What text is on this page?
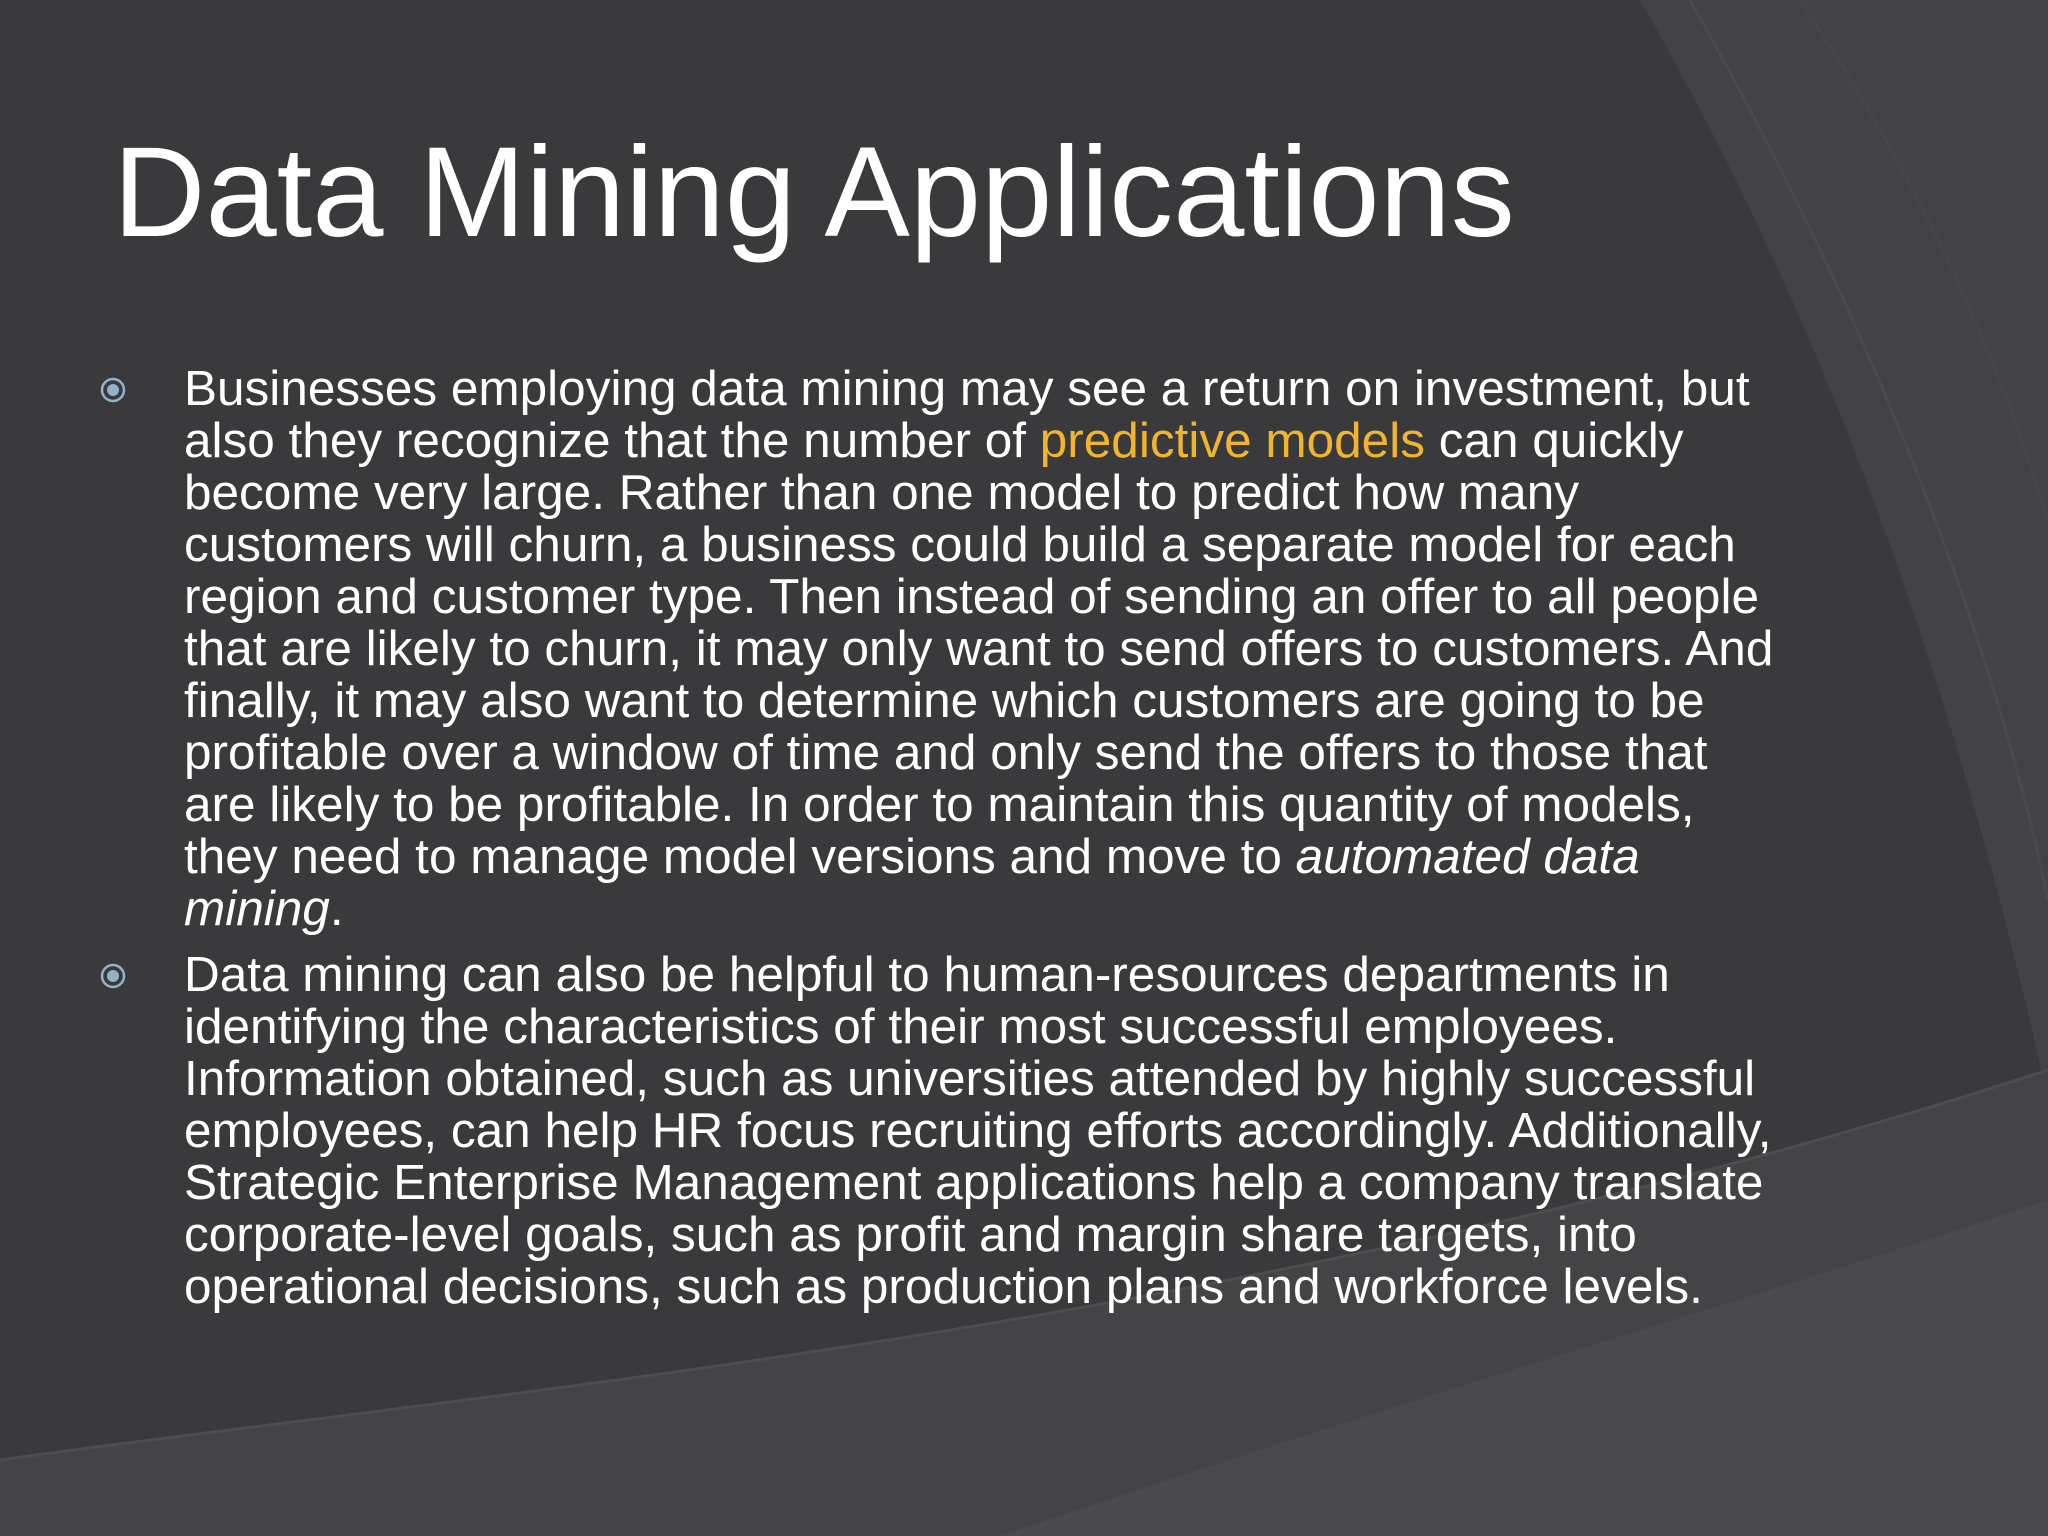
Data Mining Applications
Businesses employing data mining may see a return on investment, but
also they recognize that the number of predictive models can quickly
become very large. Rather than one model to predict how many
customers will churn, a business could build a separate model for each
region and customer type. Then instead of sending an offer to all people
that are likely to churn, it may only want to send offers to customers. And
finally, it may also want to determine which customers are going to be
profitable over a window of time and only send the offers to those that
are likely to be profitable. In order to maintain this quantity of models,
they need to manage model versions and move to automated data
mining.
Data mining can also be helpful to human-resources departments in
identifying the characteristics of their most successful employees.
Information obtained, such as universities attended by highly successful
employees, can help HR focus recruiting efforts accordingly. Additionally,
Strategic Enterprise Management applications help a company translate
corporate-level goals, such as profit and margin share targets, into
operational decisions, such as production plans and workforce levels.
